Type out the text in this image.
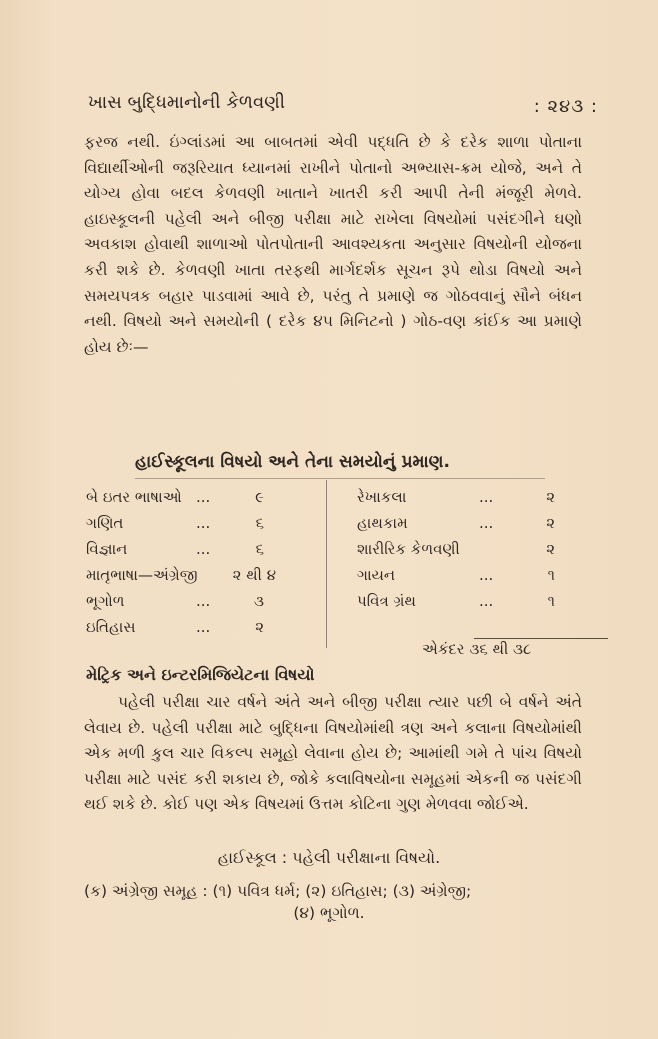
ખાસ બુદ્ધિમાનોની કેળવણી	: ૨૪૩ :
ફરજ નથી. ઇંગ્લાંડમાં આ બાબતમાં એવી પદ્ધતિ છે કે દરેક શાળા પોતાના વિદ્યાર્થીઓની જરૂરિયાત ધ્યાનમાં રાખીને પોતાનો અભ્યાસ-ક્રમ યોજે, અને તે યોગ્ય હોવા બદલ કેળવણી ખાતાને ખાતરી કરી આપી તેની મંજૂરી મેળવે. હાઇસ્કૂલની પહેલી અને બીજી પરીક્ષા માટે રાખેલા વિષયોમાં પસંદગીને ઘણો અવકાશ હોવાથી શાળાઓ પોતપોતાની આવશ્યકતા અનુસાર વિષયોની યોજના કરી શકે છે. કેળવણી ખાતા તરફથી માર્ગદર્શક સૂચન રૂપે થોડા વિષયો અને સમયપત્રક બહાર પાડવામાં આવે છે, પરંતુ તે પ્રમાણે જ ગોઠવવાનું સૌને બંધન નથી. વિષયો અને સમયોની ( દરેક ૪૫ મિનિટનો ) ગોઠ-વણ કાંઈક આ પ્રમાણે હોય છેઃ—
હાઈસ્કૂલના વિષયો અને તેના સમયોનું પ્રમાણ.
બે ઇતર ભાષાઓ ...	૯
ગણિત	...	૬
વિજ્ઞાન	...	૬
માતૃભાષા—અંગ્રેજી	૨ થી ૪
ભૂગોળ	...	૩
ઇતિહાસ	...	૨
રેખાકલા	...	૨
હાથકામ	...	૨
શારીરિક કેળવણી	૨
ગાયન	...	૧
પવિત્ર ગ્રંથ	...	૧
એકંદર ૩૬ થી ૩૮
મેટ્રિક અને ઇન્ટરમિજિયેટના વિષયો
પહેલી પરીક્ષા ચાર વર્ષને અંતે અને બીજી પરીક્ષા ત્યાર પછી બે વર્ષને અંતે લેવાય છે. પહેલી પરીક્ષા માટે બુદ્ધિના વિષયોમાંથી ત્રણ અને કલાના વિષયોમાંથી એક મળી કુલ ચાર વિકલ્પ સમૂહો લેવાના હોય છે; આમાંથી ગમે તે પાંચ વિષયો પરીક્ષા માટે પસંદ કરી શકાય છે, જોકે કલાવિષયોના સમૂહમાં એકની જ પસંદગી થઈ શકે છે. કોઈ પણ એક વિષયમાં ઉત્તમ કોટિના ગુણ મેળવવા જોઈએ.
હાઈસ્કૂલ : પહેલી પરીક્ષાના વિષયો.
(ક) અંગ્રેજી સમૂહ : (૧) પવિત્ર ધર્મ; (૨) ઇતિહાસ; (૩) અંગ્રેજી;
(૪) ભૂગોળ.
